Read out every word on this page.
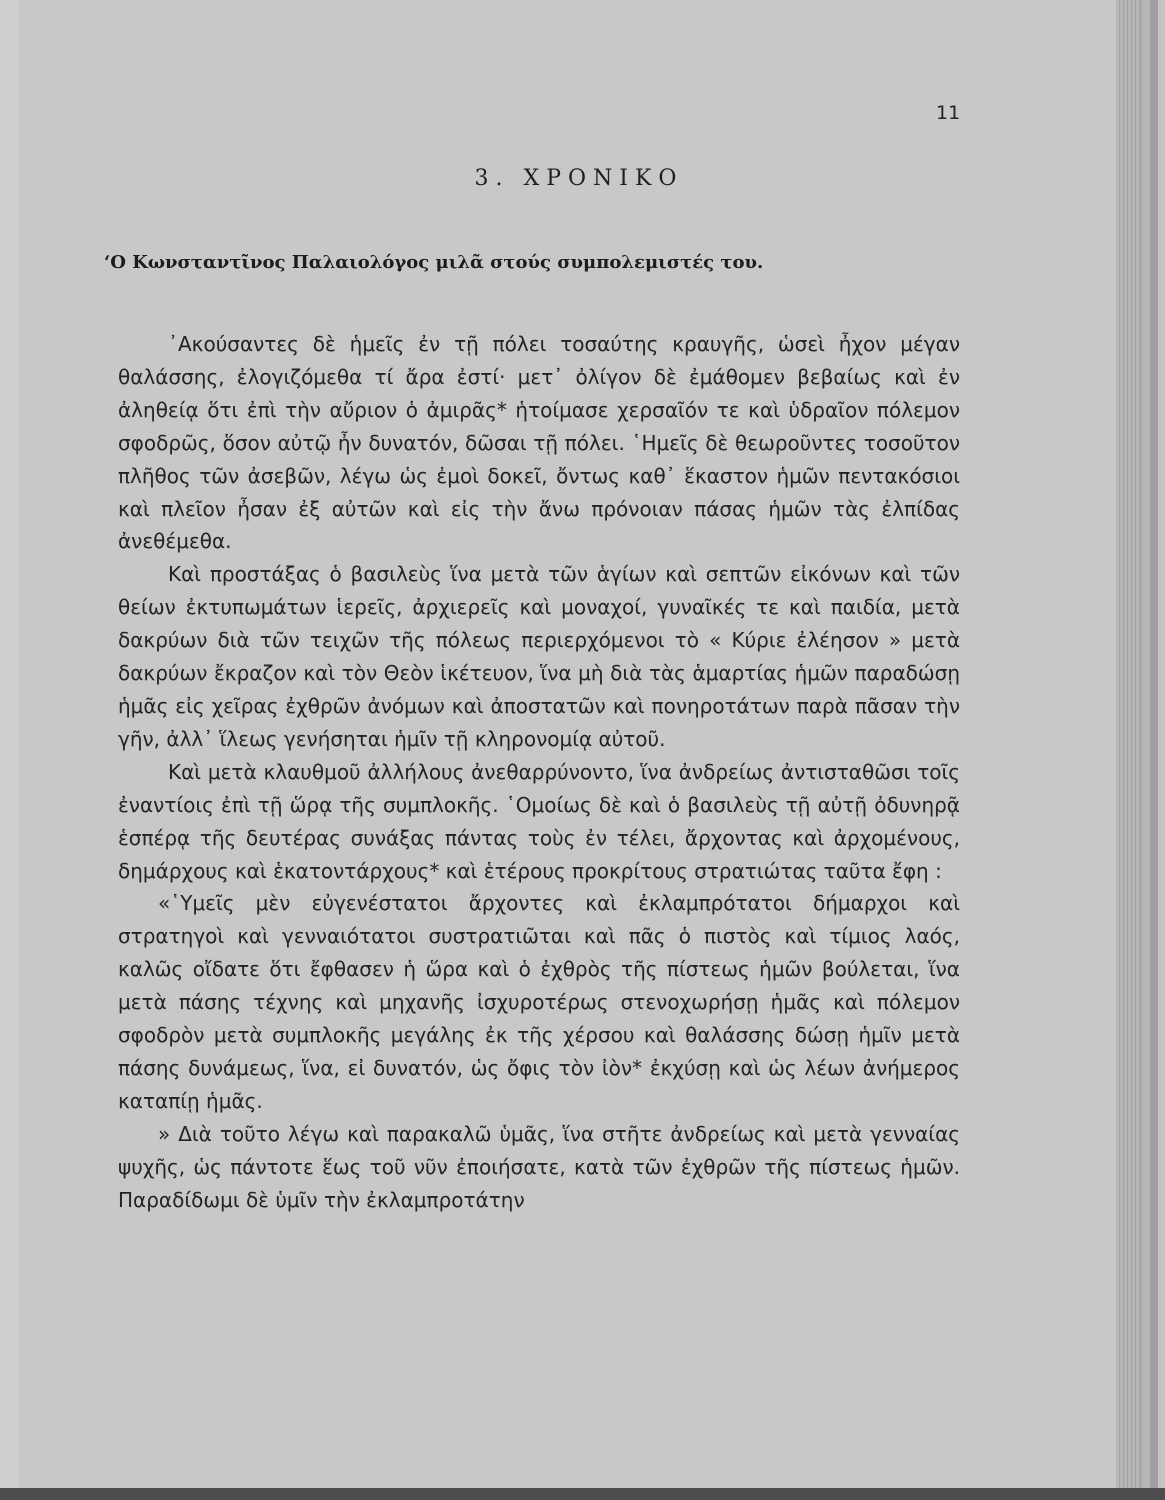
11
3. ΧΡΟΝΙΚΟ
‘Ο Κωνσταντῖνος Παλαιολόγος μιλᾶ στούς συμπολεμιστές του.

᾿Ακούσαντες δὲ ἡμεῖς ἐν τῇ πόλει τοσαύτης κραυγῆς, ὡσεὶ ἦχον μέγαν θαλάσσης, ἐλογιζόμεθα τί ἄρα ἐστί· μετ᾿ ὀλίγον δὲ ἐμάθομεν βεβαίως καὶ ἐν ἀληθείᾳ ὅτι ἐπὶ τὴν αὔριον ὁ ἀμιρᾶς* ἡτοίμασε χερσαῖόν τε καὶ ὑδραῖον πόλεμον σφοδρῶς, ὅσον αὐτῷ ἦν δυνατόν, δῶσαι τῇ πόλει. ῾Ημεῖς δὲ θεωροῦντες τοσοῦτον πλῆθος τῶν ἀσεβῶν, λέγω ὡς ἐμοὶ δοκεῖ, ὄντως καθ᾿ ἕκαστον ἡμῶν πεντακόσιοι καὶ πλεῖον ἦσαν ἐξ αὐτῶν καὶ εἰς τὴν ἄνω πρόνοιαν πάσας ἡμῶν τὰς ἐλπίδας ἀνεθέμεθα.

Καὶ προστάξας ὁ βασιλεὺς ἵνα μετὰ τῶν ἁγίων καὶ σεπτῶν εἰκόνων καὶ τῶν θείων ἐκτυπωμάτων ἱερεῖς, ἀρχιερεῖς καὶ μοναχοί, γυναῖκές τε καὶ παιδία, μετὰ δακρύων διὰ τῶν τειχῶν τῆς πόλεως περιερχόμενοι τὸ « Κύριε ἐλέησον » μετὰ δακρύων ἔκραζον καὶ τὸν Θεὸν ἱκέτευον, ἵνα μὴ διὰ τὰς ἁμαρτίας ἡμῶν παραδώσῃ ἡμᾶς εἰς χεῖρας ἐχθρῶν ἀνόμων καὶ ἀποστατῶν καὶ πονηροτάτων παρὰ πᾶσαν τὴν γῆν, ἀλλ᾿ ἵλεως γενήσηται ἡμῖν τῇ κληρονομίᾳ αὐτοῦ.

Καὶ μετὰ κλαυθμοῦ ἀλλήλους ἀνεθαρρύνοντο, ἵνα ἀνδρείως ἀντισταθῶσι τοῖς ἐναντίοις ἐπὶ τῇ ὥρᾳ τῆς συμπλοκῆς. ῾Ομοίως δὲ καὶ ὁ βασιλεὺς τῇ αὐτῇ ὀδυνηρᾷ ἑσπέρᾳ τῆς δευτέρας συνάξας πάντας τοὺς ἐν τέλει, ἄρχοντας καὶ ἀρχομένους, δημάρχους καὶ ἑκατοντάρχους* καὶ ἑτέρους προκρίτους στρατιώτας ταῦτα ἔφη :

«῾Υμεῖς μὲν εὐγενέστατοι ἄρχοντες καὶ ἐκλαμπρότατοι δήμαρχοι καὶ στρατηγοὶ καὶ γενναιότατοι συστρατιῶται καὶ πᾶς ὁ πιστὸς καὶ τίμιος λαός, καλῶς οἴδατε ὅτι ἔφθασεν ἡ ὥρα καὶ ὁ ἐχθρὸς τῆς πίστεως ἡμῶν βούλεται, ἵνα μετὰ πάσης τέχνης καὶ μηχανῆς ἰσχυροτέρως στενοχωρήσῃ ἡμᾶς καὶ πόλεμον σφοδρὸν μετὰ συμπλοκῆς μεγάλης ἐκ τῆς χέρσου καὶ θαλάσσης δώσῃ ἡμῖν μετὰ πάσης δυνάμεως, ἵνα, εἰ δυνατόν, ὡς ὄφις τὸν ἰὸν* ἐκχύσῃ καὶ ὡς λέων ἀνήμερος καταπίῃ ἡμᾶς.

» Διὰ τοῦτο λέγω καὶ παρακαλῶ ὑμᾶς, ἵνα στῆτε ἀνδρείως καὶ μετὰ γενναίας ψυχῆς, ὡς πάντοτε ἕως τοῦ νῦν ἐποιήσατε, κατὰ τῶν ἐχθρῶν τῆς πίστεως ἡμῶν. Παραδίδωμι δὲ ὑμῖν τὴν ἐκλαμπροτάτην
